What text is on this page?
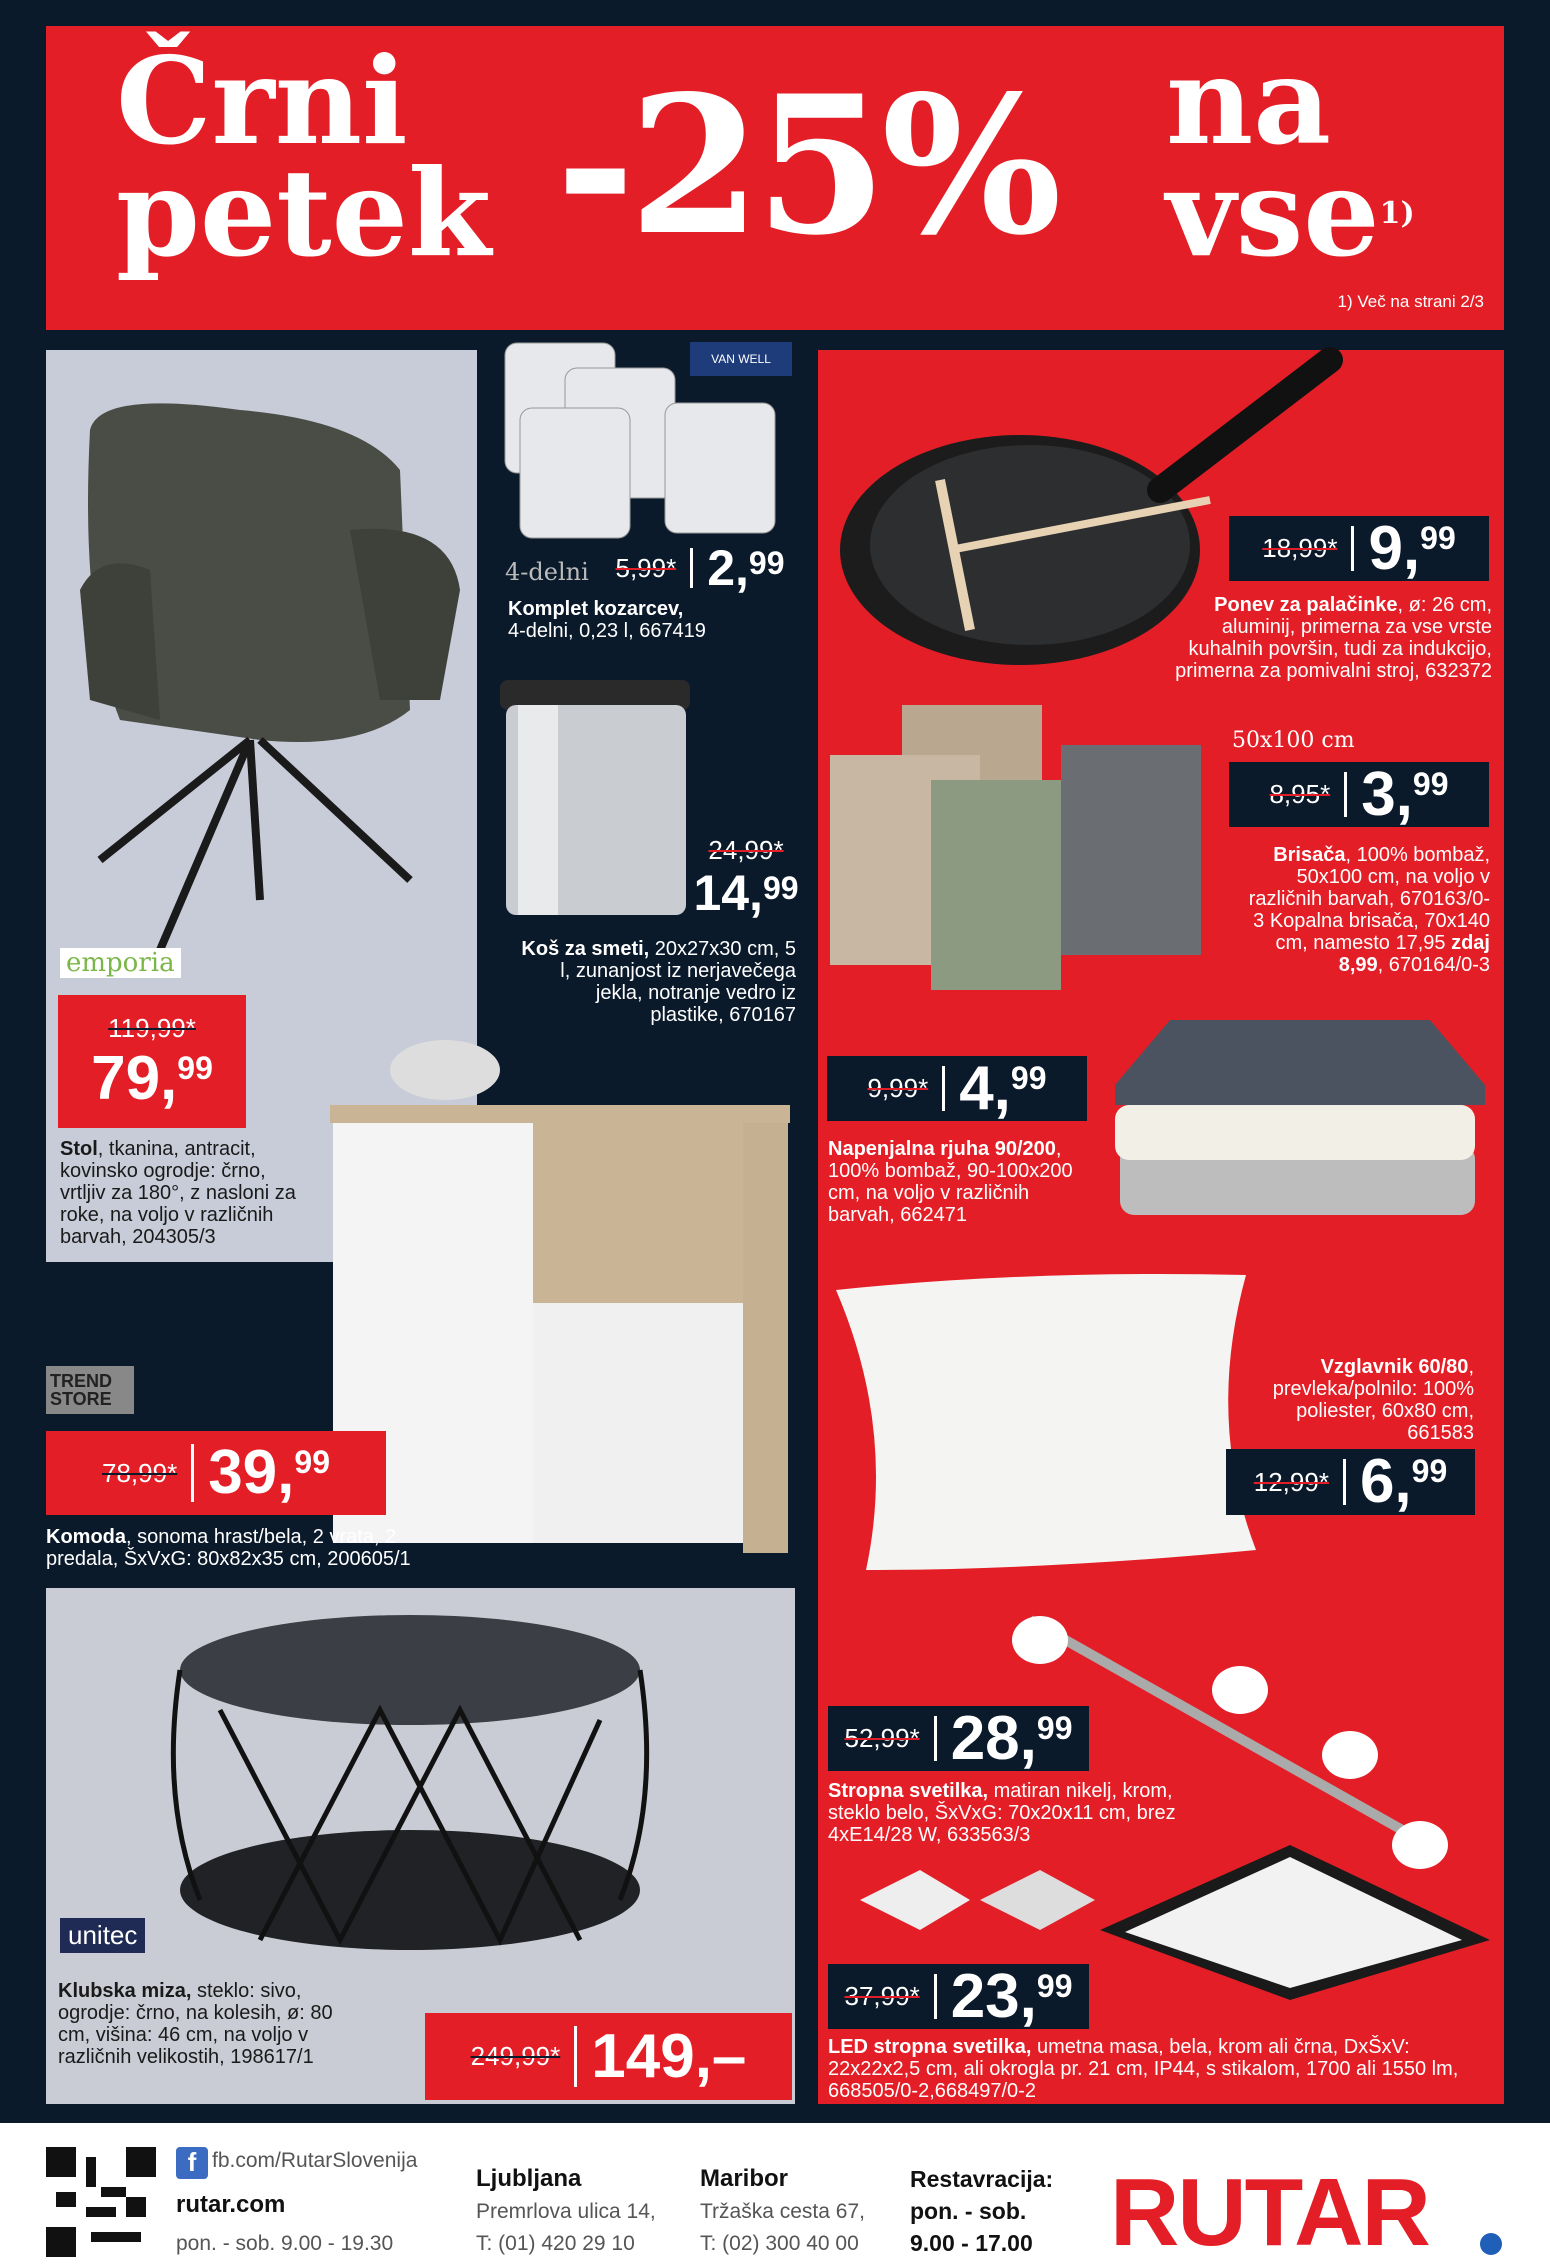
Črni
petek -25% na
vse$^{1)}$
1) Več na strani 2/3
VAN WELL
emporia
TREND STORE
unitec
119,99*
79,99
4-delni 5,99* 2,99
24,99*
14,99
78,99* 39,99
249,99* 149,–
18,99* 9,99
50x100 cm
8,95* 3,99
9,99* 4,99
12,99* 6,99
52,99* 28,99
37,99* 23,99
Stol, tkanina, antracit, kovinsko ogrodje: črno, vrtljiv za 180°, z nasloni za roke, na voljo v različnih barvah, 204305/3
Komplet kozarcev,
4-delni, 0,23 l, 667419
Koš za smeti, 20x27x30 cm, 5 l, zunanjost iz nerjavečega jekla, notranje vedro iz plastike, 670167
Komoda, sonoma hrast/bela, 2 vrata, 2 predala, ŠxVxG: 80x82x35 cm, 200605/1
Klubska miza, steklo: sivo, ogrodje: črno, na kolesih, ø: 80 cm, višina: 46 cm, na voljo v različnih velikostih, 198617/1
Ponev za palačinke, ø: 26 cm, aluminij, primerna za vse vrste kuhalnih površin, tudi za indukcijo, primerna za pomivalni stroj, 632372
Brisača, 100% bombaž, 50x100 cm, na voljo v različnih barvah, 670163/0-3 Kopalna brisača, 70x140 cm, namesto 17,95 zdaj 8,99, 670164/0-3
Napenjalna rjuha 90/200, 100% bombaž, 90-100x200 cm, na voljo v različnih barvah, 662471
Vzglavnik 60/80, prevleka/polnilo: 100% poliester, 60x80 cm, 661583
Stropna svetilka, matiran nikelj, krom, steklo belo, ŠxVxG: 70x20x11 cm, brez 4xE14/28 W, 633563/3
LED stropna svetilka, umetna masa, bela, krom ali črna, DxŠxV: 22x22x2,5 cm, ali okrogla pr. 21 cm, IP44, s stikalom, 1700 ali 1550 lm, 668505/0-2,668497/0-2
f fb.com/RutarSlovenija
rutar.com
pon. - sob. 9.00 - 19.30
Ljubljana
Premrlova ulica 14,
T: (01) 420 29 10
Maribor
Tržaška cesta 67,
T: (02) 300 40 00
Restavracija:
pon. - sob.
9.00 - 17.00 RUTAR
